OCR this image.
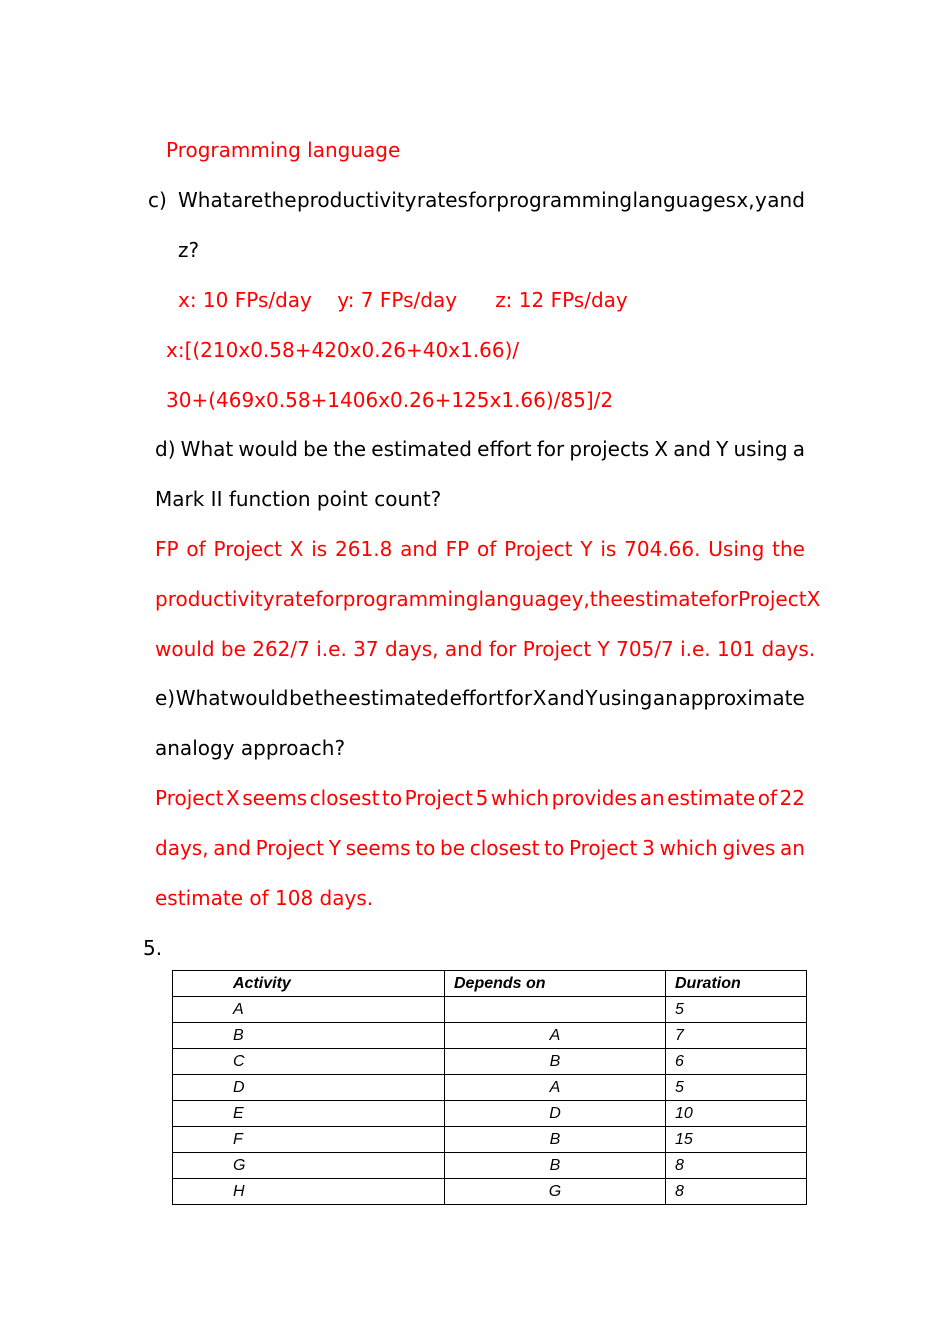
Programming language
c) What are the productivity rates for programming languages x, y and
z?
x: 10 FPs/day    y: 7 FPs/day      z: 12 FPs/day
x:[(210x0.58+420x0.26+40x1.66)/
30+(469x0.58+1406x0.26+125x1.66)/85]/2
d) What would be the estimated effort for projects X and Y using a
Mark II function point count?
FP of Project X is 261.8 and FP of Project Y is 704.66. Using the
productivity rate for programming language y, the estimate for Project X
would be 262/7 i.e. 37 days, and for Project Y 705/7 i.e. 101 days.
e) What would be the estimated effort for X and Y using an approximate
analogy approach?
Project X seems closest to Project 5 which provides an estimate of 22
days, and Project Y seems to be closest to Project 3 which gives an
estimate of 108 days.
5.
Activity	Depends on	Duration
A		5
B	A	7
C	B	6
D	A	5
E	D	10
F	B	15
G	B	8
H	G	8
